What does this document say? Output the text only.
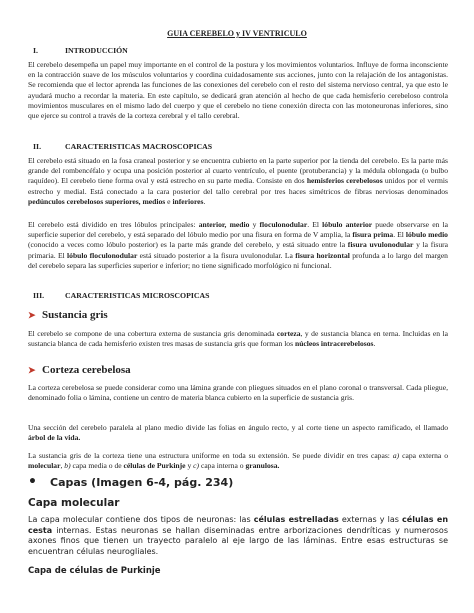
GUIA CEREBELO y IV VENTRICULO
I.	INTRODUCCIÓN

El cerebelo desempeña un papel muy importante en el control de la postura y los movimientos voluntarios. Influye de forma inconsciente en la contracción suave de los músculos voluntarios y coordina cuidadosamente sus acciones, junto con la relajación de los antagonistas. Se recomienda que el lector aprenda las funciones de las conexiones del cerebelo con el resto del sistema nervioso central, ya que esto le ayudará mucho a recordar la materia. En este capítulo, se dedicará gran atención al hecho de que cada hemisferio cerebeloso controla movimientos musculares en el mismo lado del cuerpo y que el cerebelo no tiene conexión directa con las motoneuronas inferiores, sino que ejerce su control a través de la corteza cerebral y el tallo cerebral.

II.	CARACTERISTICAS MACROSCOPICAS

El cerebelo está situado en la fosa craneal posterior y se encuentra cubierto en la parte superior por la tienda del cerebelo. Es la parte más grande del rombencéfalo y ocupa una posición posterior al cuarto ventrículo, el puente (protuberancia) y la médula oblongada (o bulbo raquídeo). El cerebelo tiene forma oval y está estrecho en su parte media. Consiste en dos hemisferios cerebelosos unidos por el vermis estrecho y medial. Está conectado a la cara posterior del tallo cerebral por tres haces simétricos de fibras nerviosas denominados pedúnculos cerebelosos superiores, medios e inferiores.

El cerebelo está dividido en tres lóbulos principales: anterior, medio y floculonodular. El lóbulo anterior puede observarse en la superficie superior del cerebelo, y está separado del lóbulo medio por una fisura en forma de V amplia, la fisura prima. El lóbulo medio (conocido a veces como lóbulo posterior) es la parte más grande del cerebelo, y está situado entre la fisura uvulonodular y la fisura primaria. El lóbulo floculonodular está situado posterior a la fisura uvulonodular. La fisura horizontal profunda a lo largo del margen del cerebelo separa las superficies superior e inferior; no tiene significado morfológico ni funcional.

III.	CARACTERISTICAS MICROSCOPICAS
➤ Sustancia gris

El cerebelo se compone de una cobertura externa de sustancia gris denominada corteza, y de sustancia blanca en terna. Incluidas en la sustancia blanca de cada hemisferio existen tres masas de sustancia gris que forman los núcleos intracerebelosos.

➤ Corteza cerebelosa

La corteza cerebelosa se puede considerar como una lámina grande con pliegues situados en el plano coronal o transversal. Cada pliegue, denominado folia o lámina, contiene un centro de materia blanca cubierto en la superficie de sustancia gris.

Una sección del cerebelo paralela al plano medio divide las folias en ángulo recto, y al corte tiene un aspecto ramificado, el llamado árbol de la vida.

La sustancia gris de la corteza tiene una estructura uniforme en toda su extensión. Se puede dividir en tres capas: a) capa externa o molecular, b) capa media o de células de Purkinje y c) capa interna o granulosa.

• Capas (Imagen 6-4, pág. 234)
Capa molecular

La capa molecular contiene dos tipos de neuronas: las células estrelladas externas y las células en cesta internas. Estas neuronas se hallan diseminadas entre arborizaciones dendríticas y numerosos axones finos que tienen un trayecto paralelo al eje largo de las láminas. Entre esas estructuras se encuentran células neurogliales.

Capa de células de Purkinje
